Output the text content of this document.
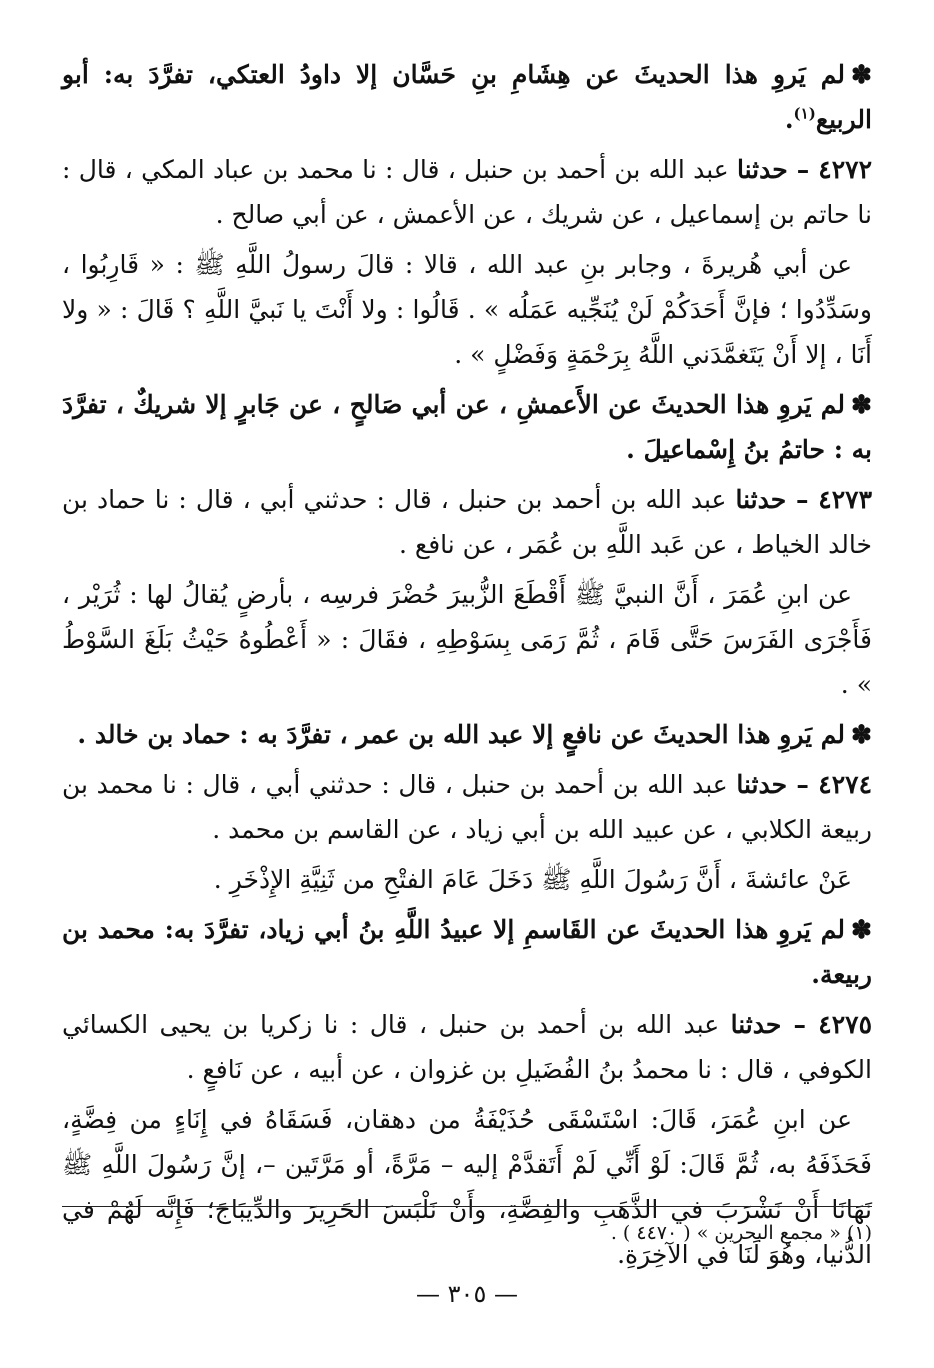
✽لم يَروِ هذا الحديثَ عن هِشَامِ بنِ حَسَّان إلا داودُ العتكي، تفرَّدَ به: أبو الربيع$^{(١)}$.

٤٢٧٢ – حدثنا عبد الله بن أحمد بن حنبل ، قال : نا محمد بن عباد المكي ، قال : نا حاتم بن إسماعيل ، عن شريك ، عن الأعمش ، عن أبي صالح .

عن أبي هُريرةَ ، وجابر بنِ عبد الله ، قالا : قالَ رسولُ اللَّهِ ﷺ : « قَارِبُوا ، وسَدِّدُوا ؛ فإنَّ أَحَدَكُمْ لَنْ يُنَجِّيه عَمَلُه » . قَالُوا : ولا أَنْتَ يا نَبيَّ اللَّهِ ؟ قَالَ : « ولا أَنَا ، إلا أَنْ يَتَغمَّدَني اللَّهُ بِرَحْمَةٍ وَفَضْلٍ » .

✽لم يَروِ هذا الحديثَ عن الأَعمشِ ، عن أبي صَالحٍ ، عن جَابرٍ إلا شريكٌ ، تفرَّدَ به : حاتمُ بنُ إِسْماعيلَ .

٤٢٧٣ – حدثنا عبد الله بن أحمد بن حنبل ، قال : حدثني أبي ، قال : نا حماد بن خالد الخياط ، عن عَبد اللَّهِ بن عُمَر ، عن نافع .

عن ابنِ عُمَرَ ، أَنَّ النبيَّ ﷺ أَقْطَعَ الزُّبيرَ حُضْرَ فرسِه ، بأرضٍ يُقالُ لها : ثُرَيْر ، فَأَجْرَى الفَرَسَ حَتَّى قَامَ ، ثُمَّ رَمَى بِسَوْطِهِ ، فقَالَ : « أَعْطُوهُ حَيْثُ بَلَغَ السَّوْطُ » .

✽لم يَروِ هذا الحديثَ عن نافعٍ إلا عبد الله بن عمر ، تفرَّدَ به : حماد بن خالد .

٤٢٧٤ – حدثنا عبد الله بن أحمد بن حنبل ، قال : حدثني أبي ، قال : نا محمد بن ربيعة الكلابي ، عن عبيد الله بن أبي زياد ، عن القاسم بن محمد .

عَنْ عائشةَ ، أَنَّ رَسُولَ اللَّهِ ﷺ دَخَلَ عَامَ الفتْحِ من ثَنِيَّةِ الإِذْخَرِ .

✽لم يَروِ هذا الحديثَ عن القَاسمِ إلا عبيدُ اللَّهِ بنُ أبي زياد، تفرَّدَ به: محمد بن ربيعة.

٤٢٧٥ – حدثنا عبد الله بن أحمد بن حنبل ، قال : نا زكريا بن يحيى الكسائي الكوفي ، قال : نا محمدُ بنُ الفُضَيلِ بن غزوان ، عن أبيه ، عن نَافعٍ .

عن ابنِ عُمَرَ، قَالَ: اسْتَسْقَى حُذَيْفَةُ من دهقان، فَسَقَاهُ في إِنَاءٍ من فِضَّةٍ، فَحَذَفَهُ به، ثُمَّ قَالَ: لَوْ أَنِّي لَمْ أَتَقدَّمْ إليه – مَرَّةً، أو مَرَّتَين –، إنَّ رَسُولَ اللَّهِ ﷺ نَهَانَا أَنْ نَشْرَبَ في الذَّهَبِ والفِضَّةِ، وأَنْ نَلْبَسَ الحَرِيرَ والدِّيبَاجَ؛ فَإِنَّه لَهُمْ في الدُّنيا، وهُوَ لَنَا في الآخِرَةِ.

(١) « مجمع البحرين » ( ٤٤٧٠ ) .
— ٣٠٥ —
